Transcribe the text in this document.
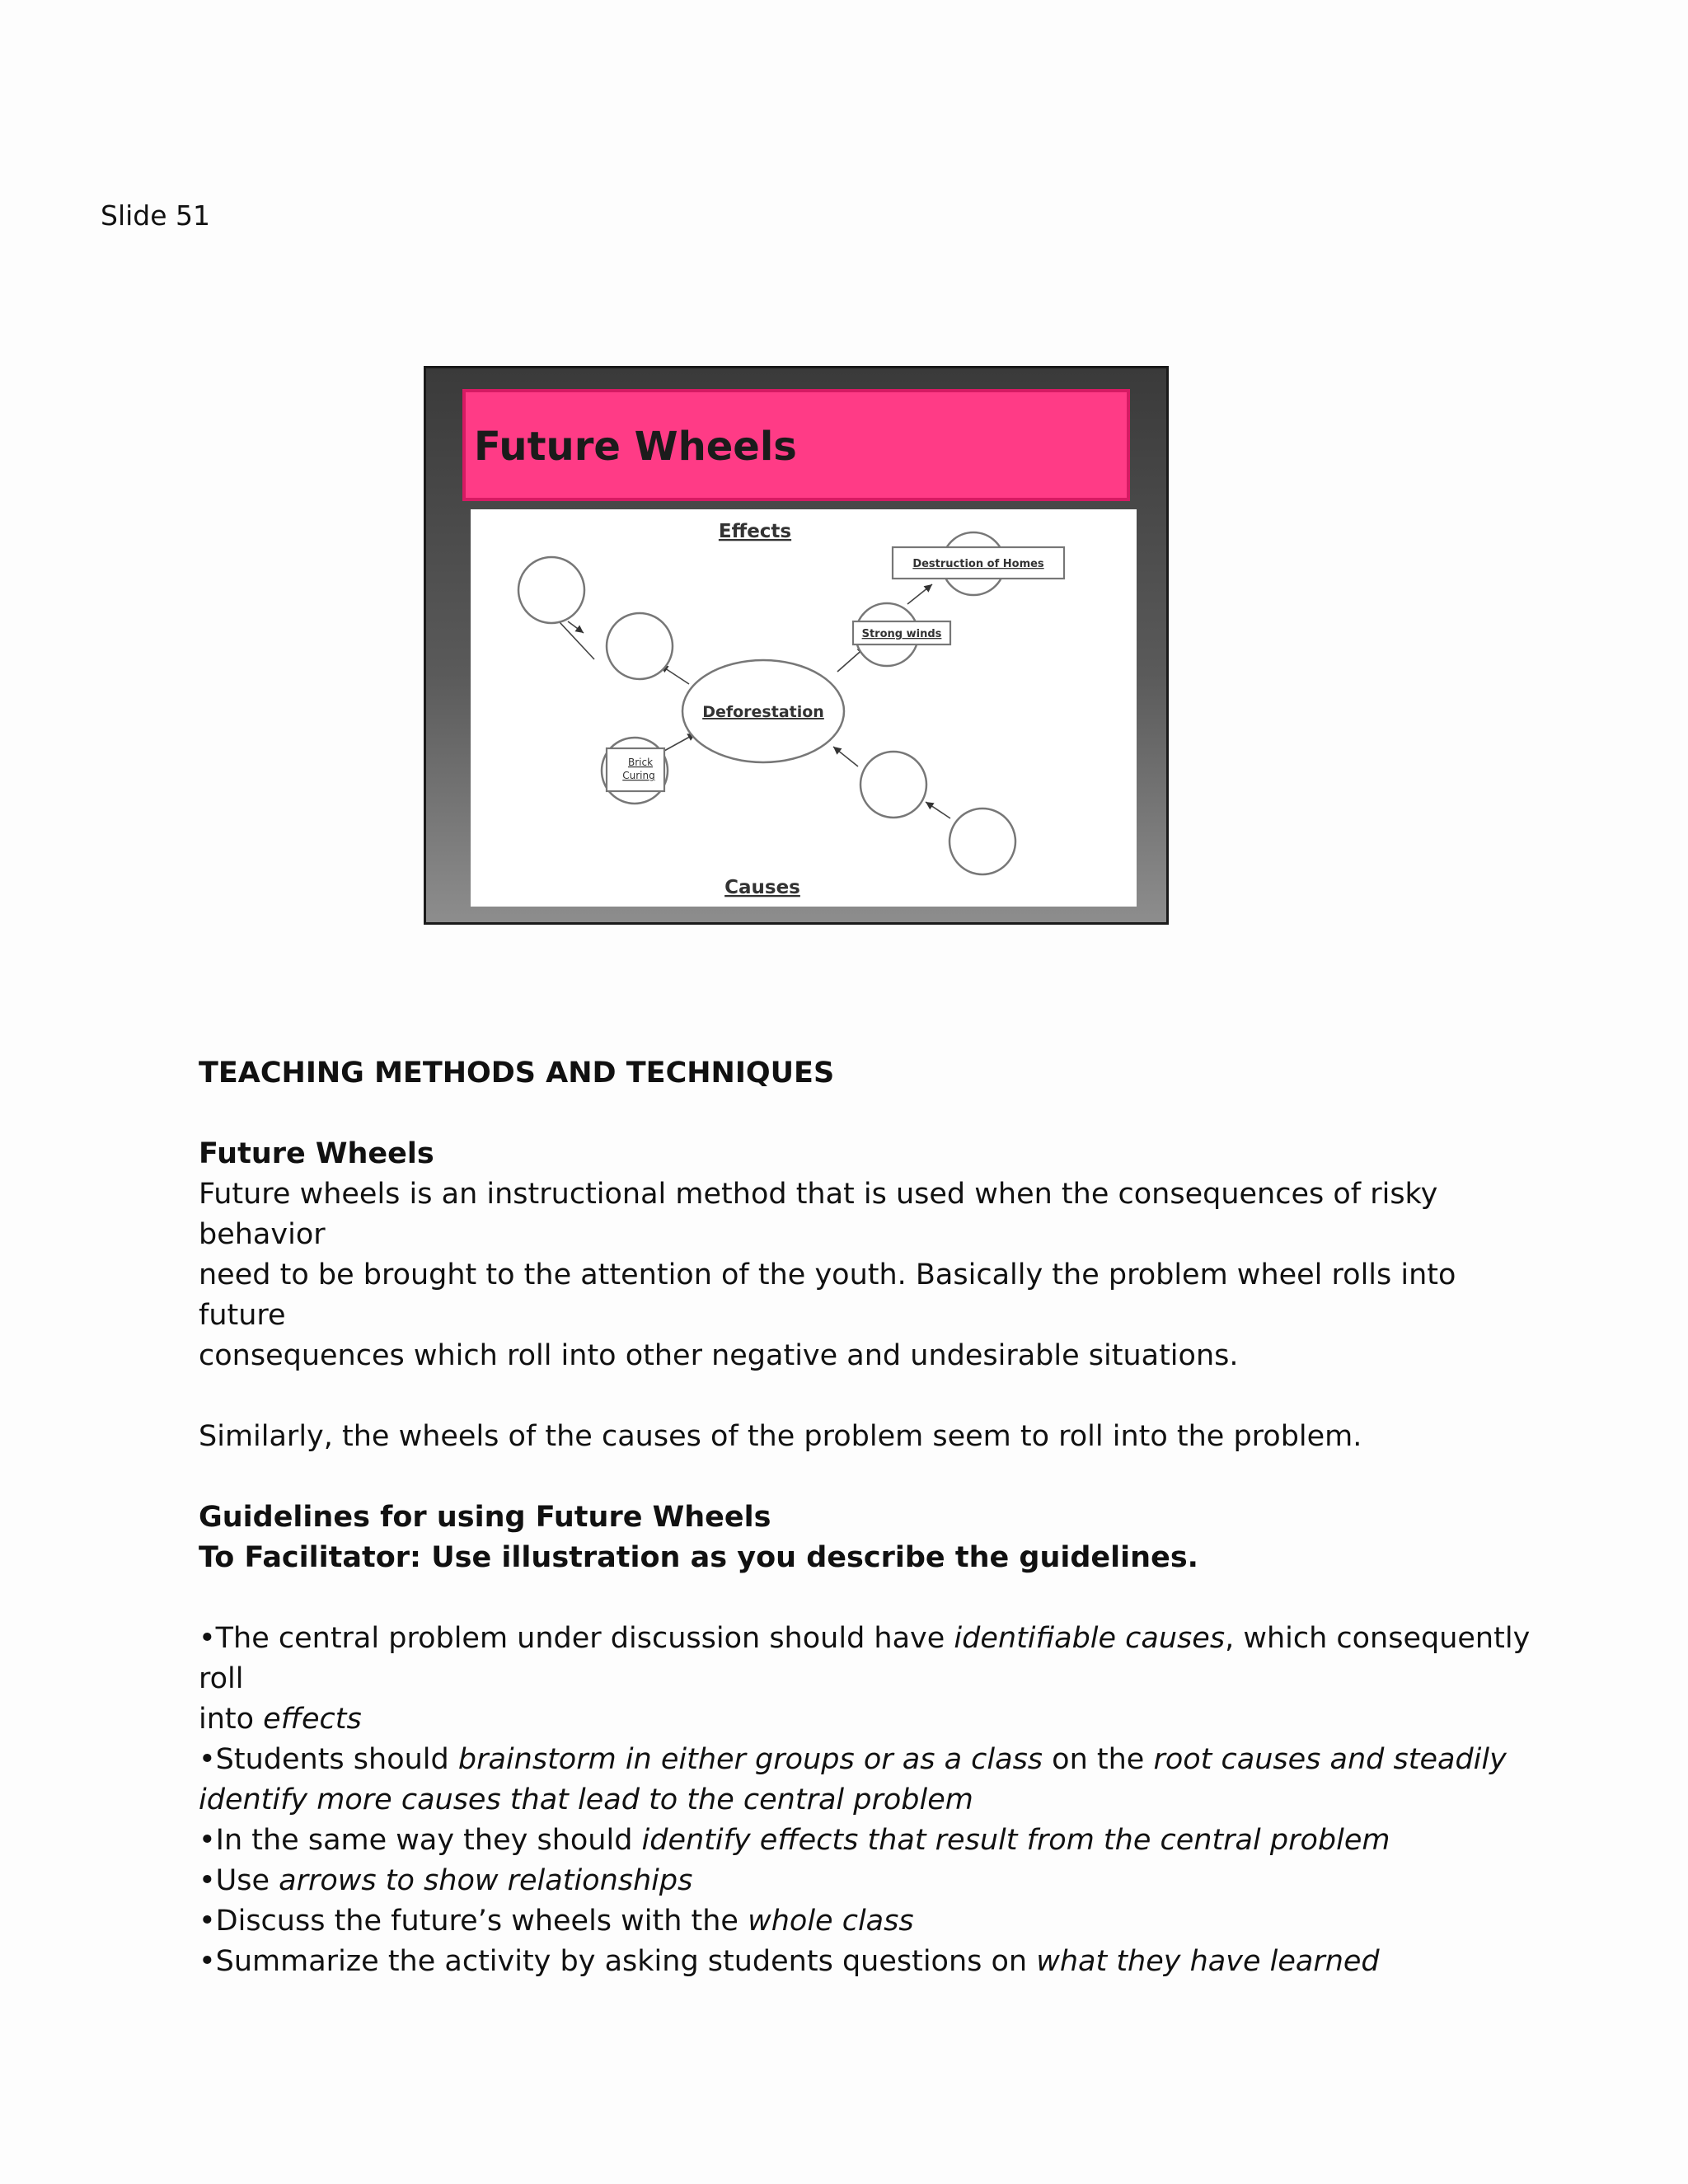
Slide 51
Future Wheels
Effects
Causes
Deforestation
Destruction of Homes
Strong winds
Brick
Curing

TEACHING METHODS AND TECHNIQUES

Future Wheels

Future wheels is an instructional method that is used when the consequences of risky behavior

need to be brought to the attention of the youth. Basically the problem wheel rolls into future

consequences which roll into other negative and undesirable situations.

Similarly, the wheels of the causes of the problem seem to roll into the problem.

Guidelines for using Future Wheels

To Facilitator: Use illustration as you describe the guidelines.

•The central problem under discussion should have identifiable causes, which consequently roll

into effects

•Students should brainstorm in either groups or as a class on the root causes and steadily

identify more causes that lead to the central problem

•In the same way they should identify effects that result from the central problem

•Use arrows to show relationships

•Discuss the future’s wheels with the whole class

•Summarize the activity by asking students questions on what they have learned
